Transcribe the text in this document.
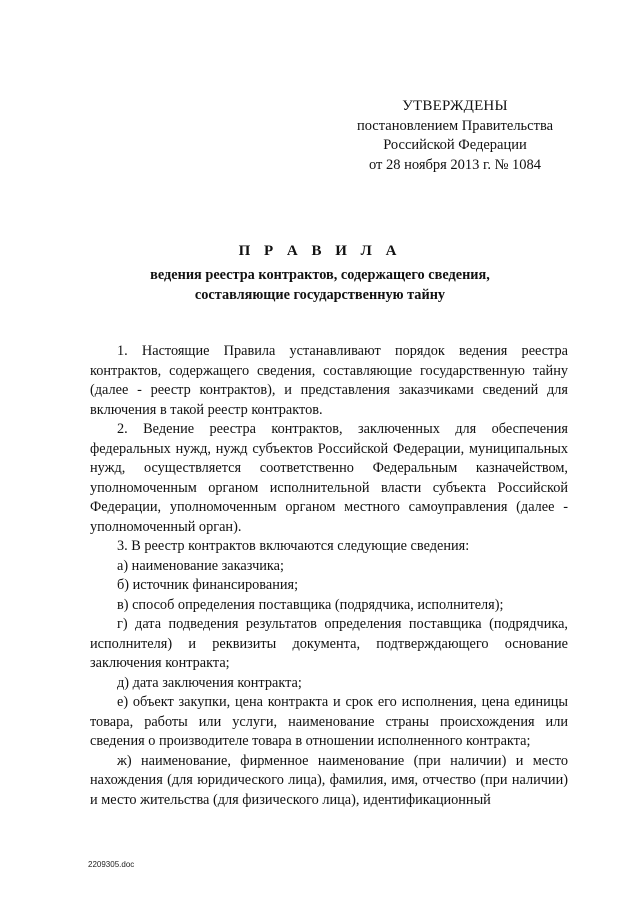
УТВЕРЖДЕНЫ
постановлением Правительства
Российской Федерации
от 28 ноября 2013 г. № 1084
П Р А В И Л А
ведения реестра контрактов, содержащего сведения,
составляющие государственную тайну

1. Настоящие Правила устанавливают порядок ведения реестра контрактов, содержащего сведения, составляющие государственную тайну (далее - реестр контрактов), и представления заказчиками сведений для включения в такой реестр контрактов.

2. Ведение реестра контрактов, заключенных для обеспечения федеральных нужд, нужд субъектов Российской Федерации, муниципальных нужд, осуществляется соответственно Федеральным казначейством, уполномоченным органом исполнительной власти субъекта Российской Федерации, уполномоченным органом местного самоуправления (далее - уполномоченный орган).

3. В реестр контрактов включаются следующие сведения:

а) наименование заказчика;

б) источник финансирования;

в) способ определения поставщика (подрядчика, исполнителя);

г) дата подведения результатов определения поставщика (подрядчика, исполнителя) и реквизиты документа, подтверждающего основание заключения контракта;

д) дата заключения контракта;

е) объект закупки, цена контракта и срок его исполнения, цена единицы товара, работы или услуги, наименование страны происхождения или сведения о производителе товара в отношении исполненного контракта;

ж) наименование, фирменное наименование (при наличии) и место нахождения (для юридического лица), фамилия, имя, отчество (при наличии) и место жительства (для физического лица), идентификационный

2209305.doc
